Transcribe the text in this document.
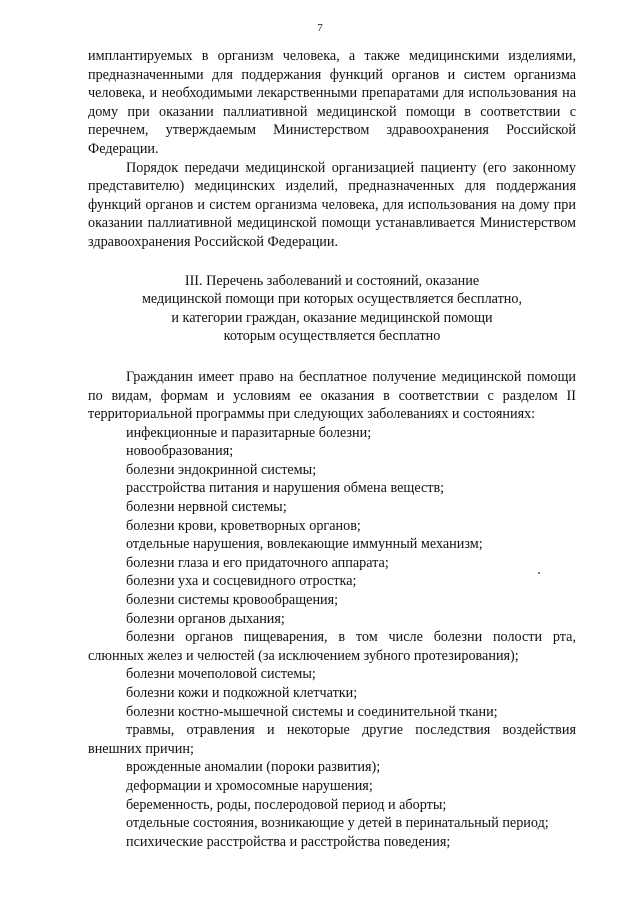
7

имплантируемых в организм человека, а также медицинскими изделиями, предназначенными для поддержания функций органов и систем организма человека, и необходимыми лекарственными препаратами для использования на дому при оказании паллиативной медицинской помощи в соответствии с перечнем, утверждаемым Министерством здравоохранения Российской Федерации.

Порядок передачи медицинской организацией пациенту (его законному представителю) медицинских изделий, предназначенных для поддержания функций органов и систем организма человека, для использования на дому при оказании паллиативной медицинской помощи устанавливается Министерством здравоохранения Российской Федерации.

III. Перечень заболеваний и состояний, оказание
медицинской помощи при которых осуществляется бесплатно,
и категории граждан, оказание медицинской помощи
которым осуществляется бесплатно

Гражданин имеет право на бесплатное получение медицинской помощи по видам, формам и условиям ее оказания в соответствии с разделом II территориальной программы при следующих заболеваниях и состояниях:

инфекционные и паразитарные болезни;
новообразования;
болезни эндокринной системы;
расстройства питания и нарушения обмена веществ;
болезни нервной системы;
болезни крови, кроветворных органов;
отдельные нарушения, вовлекающие иммунный механизм;
болезни глаза и его придаточного аппарата;
болезни уха и сосцевидного отростка;
болезни системы кровообращения;
болезни органов дыхания;
болезни органов пищеварения, в том числе болезни полости рта, слюнных желез и челюстей (за исключением зубного протезирования);
болезни мочеполовой системы;
болезни кожи и подкожной клетчатки;
болезни костно-мышечной системы и соединительной ткани;
травмы, отравления и некоторые другие последствия воздействия внешних причин;
врожденные аномалии (пороки развития);
деформации и хромосомные нарушения;
беременность, роды, послеродовой период и аборты;
отдельные состояния, возникающие у детей в перинатальный период;
психические расстройства и расстройства поведения;
